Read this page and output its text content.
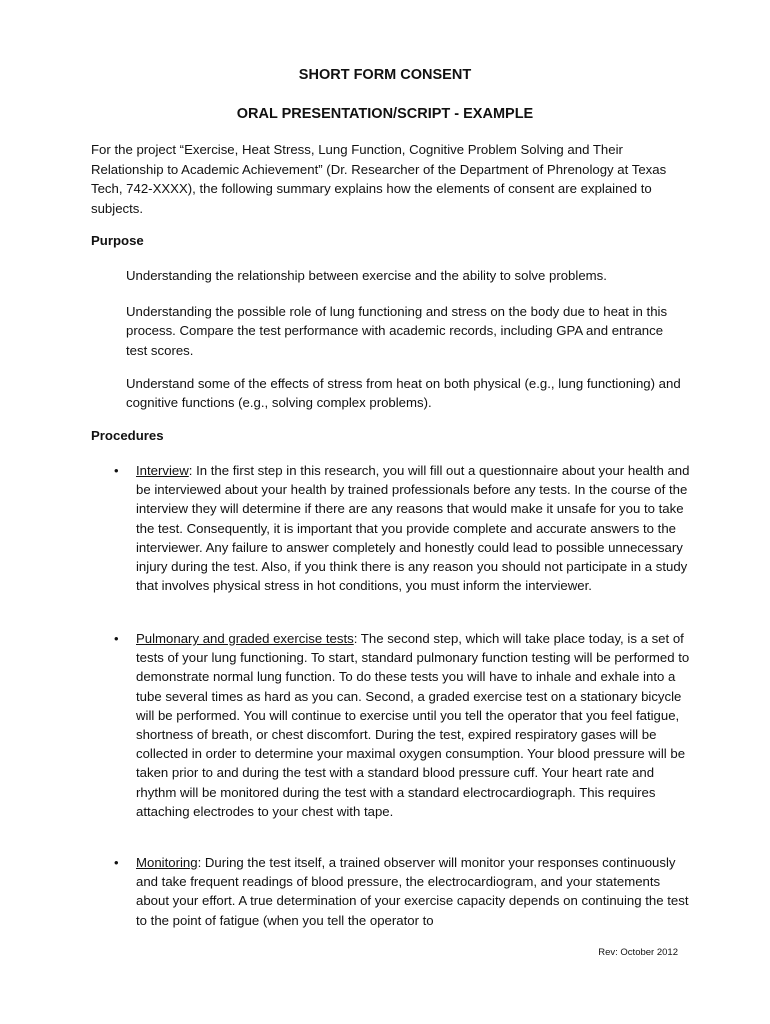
SHORT FORM CONSENT

ORAL PRESENTATION/SCRIPT - EXAMPLE

For the project “Exercise, Heat Stress, Lung Function, Cognitive Problem Solving and Their Relationship to Academic Achievement” (Dr. Researcher of the Department of Phrenology at Texas Tech, 742-XXXX), the following summary explains how the elements of consent are explained to subjects.

Purpose

Understanding the relationship between exercise and the ability to solve problems.

Understanding the possible role of lung functioning and stress on the body due to heat in this process. Compare the test performance with academic records, including GPA and entrance test scores.

Understand some of the effects of stress from heat on both physical (e.g., lung functioning) and cognitive functions (e.g., solving complex problems).

Procedures

•	Interview: In the first step in this research, you will fill out a questionnaire about your health and be interviewed about your health by trained professionals before any tests. In the course of the interview they will determine if there are any reasons that would make it unsafe for you to take the test. Consequently, it is important that you provide complete and accurate answers to the interviewer. Any failure to answer completely and honestly could lead to possible unnecessary injury during the test. Also, if you think there is any reason you should not participate in a study that involves physical stress in hot conditions, you must inform the interviewer.

•	Pulmonary and graded exercise tests: The second step, which will take place today, is a set of tests of your lung functioning. To start, standard pulmonary function testing will be performed to demonstrate normal lung function. To do these tests you will have to inhale and exhale into a tube several times as hard as you can. Second, a graded exercise test on a stationary bicycle will be performed. You will continue to exercise until you tell the operator that you feel fatigue, shortness of breath, or chest discomfort. During the test, expired respiratory gases will be collected in order to determine your maximal oxygen consumption. Your blood pressure will be taken prior to and during the test with a standard blood pressure cuff. Your heart rate and rhythm will be monitored during the test with a standard electrocardiograph. This requires attaching electrodes to your chest with tape.

•	Monitoring: During the test itself, a trained observer will monitor your responses continuously and take frequent readings of blood pressure, the electrocardiogram, and your statements about your effort. A true determination of your exercise capacity depends on continuing the test to the point of fatigue (when you tell the operator to

Rev: October 2012
